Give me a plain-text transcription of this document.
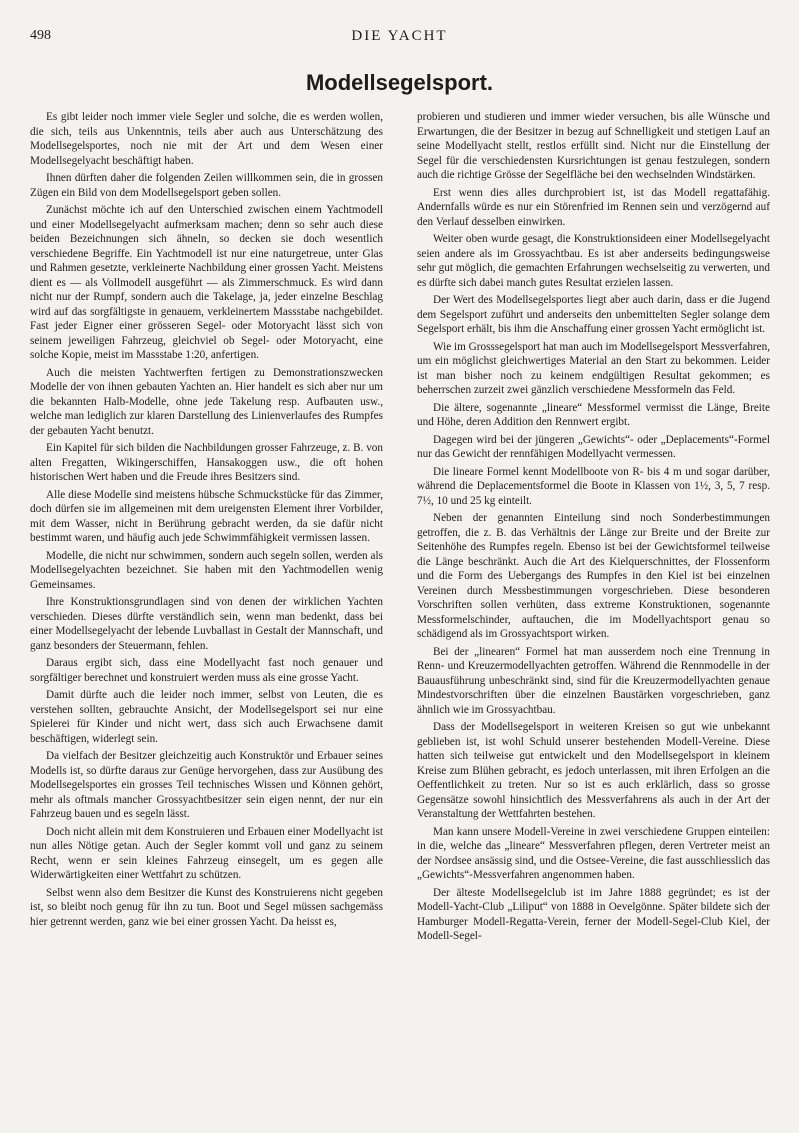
498	DIE YACHT
Modellsegelsport.

Es gibt leider noch immer viele Segler und solche, die es werden wollen, die sich, teils aus Unkenntnis, teils aber auch aus Unterschätzung des Modellsegelsportes, noch nie mit der Art und dem Wesen einer Modellsegelyacht beschäftigt haben.

Ihnen dürften daher die folgenden Zeilen willkommen sein, die in grossen Zügen ein Bild von dem Modellsegelsport geben sollen.

Zunächst möchte ich auf den Unterschied zwischen einem Yachtmodell und einer Modellsegelyacht aufmerksam machen; denn so sehr auch diese beiden Bezeichnungen sich ähneln, so decken sie doch wesentlich verschiedene Begriffe. Ein Yachtmodell ist nur eine naturgetreue, unter Glas und Rahmen gesetzte, verkleinerte Nachbildung einer grossen Yacht. Meistens dient es — als Vollmodell ausgeführt — als Zimmerschmuck. Es wird dann nicht nur der Rumpf, sondern auch die Takelage, ja, jeder einzelne Beschlag wird auf das sorgfältigste in genauem, verkleinertem Massstabe nachgebildet. Fast jeder Eigner einer grösseren Segel- oder Motoryacht lässt sich von seinem jeweiligen Fahrzeug, gleichviel ob Segel- oder Motoryacht, eine solche Kopie, meist im Massstabe 1:20, anfertigen.

Auch die meisten Yachtwerften fertigen zu Demonstrationszwecken Modelle der von ihnen gebauten Yachten an. Hier handelt es sich aber nur um die bekannten Halb-Modelle, ohne jede Takelung resp. Aufbauten usw., welche man lediglich zur klaren Darstellung des Linienverlaufes des Rumpfes der gebauten Yacht benutzt.

Ein Kapitel für sich bilden die Nachbildungen grosser Fahrzeuge, z. B. von alten Fregatten, Wikingerschiffen, Hansakoggen usw., die oft hohen historischen Wert haben und die Freude ihres Besitzers sind.

Alle diese Modelle sind meistens hübsche Schmuckstücke für das Zimmer, doch dürfen sie im allgemeinen mit dem ureigensten Element ihrer Vorbilder, mit dem Wasser, nicht in Berührung gebracht werden, da sie dafür nicht bestimmt waren, und häufig auch jede Schwimmfähigkeit vermissen lassen.

Modelle, die nicht nur schwimmen, sondern auch segeln sollen, werden als Modellsegelyachten bezeichnet. Sie haben mit den Yachtmodellen wenig Gemeinsames.

Ihre Konstruktionsgrundlagen sind von denen der wirklichen Yachten verschieden. Dieses dürfte verständlich sein, wenn man bedenkt, dass bei einer Modellsegelyacht der lebende Luvballast in Gestalt der Mannschaft, und ganz besonders der Steuermann, fehlen.

Daraus ergibt sich, dass eine Modellyacht fast noch genauer und sorgfältiger berechnet und konstruiert werden muss als eine grosse Yacht.

Damit dürfte auch die leider noch immer, selbst von Leuten, die es verstehen sollten, gebrauchte Ansicht, der Modellsegelsport sei nur eine Spielerei für Kinder und nicht wert, dass sich auch Erwachsene damit beschäftigen, widerlegt sein.

Da vielfach der Besitzer gleichzeitig auch Konstruktör und Erbauer seines Modells ist, so dürfte daraus zur Genüge hervorgehen, dass zur Ausübung des Modellsegelsportes ein grosses Teil technisches Wissen und Können gehört, mehr als oftmals mancher Grossyachtbesitzer sein eigen nennt, der nur ein Fahrzeug bauen und es segeln lässt.

Doch nicht allein mit dem Konstruieren und Erbauen einer Modellyacht ist nun alles Nötige getan. Auch der Segler kommt voll und ganz zu seinem Recht, wenn er sein kleines Fahrzeug einsegelt, um es gegen alle Widerwärtigkeiten einer Wettfahrt zu schützen.

Selbst wenn also dem Besitzer die Kunst des Konstruierens nicht gegeben ist, so bleibt noch genug für ihn zu tun. Boot und Segel müssen sachgemäss hier getrennt werden, ganz wie bei einer grossen Yacht. Da heisst es,

probieren und studieren und immer wieder versuchen, bis alle Wünsche und Erwartungen, die der Besitzer in bezug auf Schnelligkeit und stetigen Lauf an seine Modellyacht stellt, restlos erfüllt sind. Nicht nur die Einstellung der Segel für die verschiedensten Kursrichtungen ist genau festzulegen, sondern auch die richtige Grösse der Segelfläche bei den wechselnden Windstärken.

Erst wenn dies alles durchprobiert ist, ist das Modell regattafähig. Andernfalls würde es nur ein Störenfried im Rennen sein und verzögernd auf den Verlauf desselben einwirken.

Weiter oben wurde gesagt, die Konstruktionsideen einer Modellsegelyacht seien andere als im Grossyachtbau. Es ist aber anderseits bedingungsweise sehr gut möglich, die gemachten Erfahrungen wechselseitig zu verwerten, und es dürfte sich dabei manch gutes Resultat erzielen lassen.

Der Wert des Modellsegelsportes liegt aber auch darin, dass er die Jugend dem Segelsport zuführt und anderseits den unbemittelten Segler solange dem Segelsport erhält, bis ihm die Anschaffung einer grossen Yacht ermöglicht ist.

Wie im Grosssegelsport hat man auch im Modellsegelsport Messverfahren, um ein möglichst gleichwertiges Material an den Start zu bekommen. Leider ist man bisher noch zu keinem endgültigen Resultat gekommen; es beherrschen zurzeit zwei gänzlich verschiedene Messformeln das Feld.

Die ältere, sogenannte „lineare“ Messformel vermisst die Länge, Breite und Höhe, deren Addition den Rennwert ergibt.

Dagegen wird bei der jüngeren „Gewichts“- oder „Deplacements“-Formel nur das Gewicht der rennfähigen Modellyacht vermessen.

Die lineare Formel kennt Modellboote von R- bis 4 m und sogar darüber, während die Deplacementsformel die Boote in Klassen von 1½, 3, 5, 7 resp. 7½, 10 und 25 kg einteilt.

Neben der genannten Einteilung sind noch Sonderbestimmungen getroffen, die z. B. das Verhältnis der Länge zur Breite und der Breite zur Seitenhöhe des Rumpfes regeln. Ebenso ist bei der Gewichtsformel teilweise die Länge beschränkt. Auch die Art des Kielquerschnittes, der Flossenform und die Form des Uebergangs des Rumpfes in den Kiel ist bei einzelnen Vereinen durch Messbestimmungen vorgeschrieben. Diese besonderen Vorschriften sollen verhüten, dass extreme Konstruktionen, sogenannte Messformelschinder, auftauchen, die im Modellyachtsport genau so schädigend als im Grossyachtsport wirken.

Bei der „linearen“ Formel hat man ausserdem noch eine Trennung in Renn- und Kreuzermodellyachten getroffen. Während die Rennmodelle in der Bauausführung unbeschränkt sind, sind für die Kreuzermodellyachten genaue Mindestvorschriften über die einzelnen Baustärken vorgeschrieben, ganz ähnlich wie im Grossyachtbau.

Dass der Modellsegelsport in weiteren Kreisen so gut wie unbekannt geblieben ist, ist wohl Schuld unserer bestehenden Modell-Vereine. Diese hatten sich teilweise gut entwickelt und den Modellsegelsport in kleinem Kreise zum Blühen gebracht, es jedoch unterlassen, mit ihren Erfolgen an die Oeffentlichkeit zu treten. Nur so ist es auch erklärlich, dass so grosse Gegensätze sowohl hinsichtlich des Messverfahrens als auch in der Art der Veranstaltung der Wettfahrten bestehen.

Man kann unsere Modell-Vereine in zwei verschiedene Gruppen einteilen: in die, welche das „lineare“ Messverfahren pflegen, deren Vertreter meist an der Nordsee ansässig sind, und die Ostsee-Vereine, die fast ausschliesslich das „Gewichts“-Messverfahren angenommen haben.

Der älteste Modellsegelclub ist im Jahre 1888 gegründet; es ist der Modell-Yacht-Club „Liliput“ von 1888 in Oevelgönne. Später bildete sich der Hamburger Modell-Regatta-Verein, ferner der Modell-Segel-Club Kiel, der Modell-Segel-
